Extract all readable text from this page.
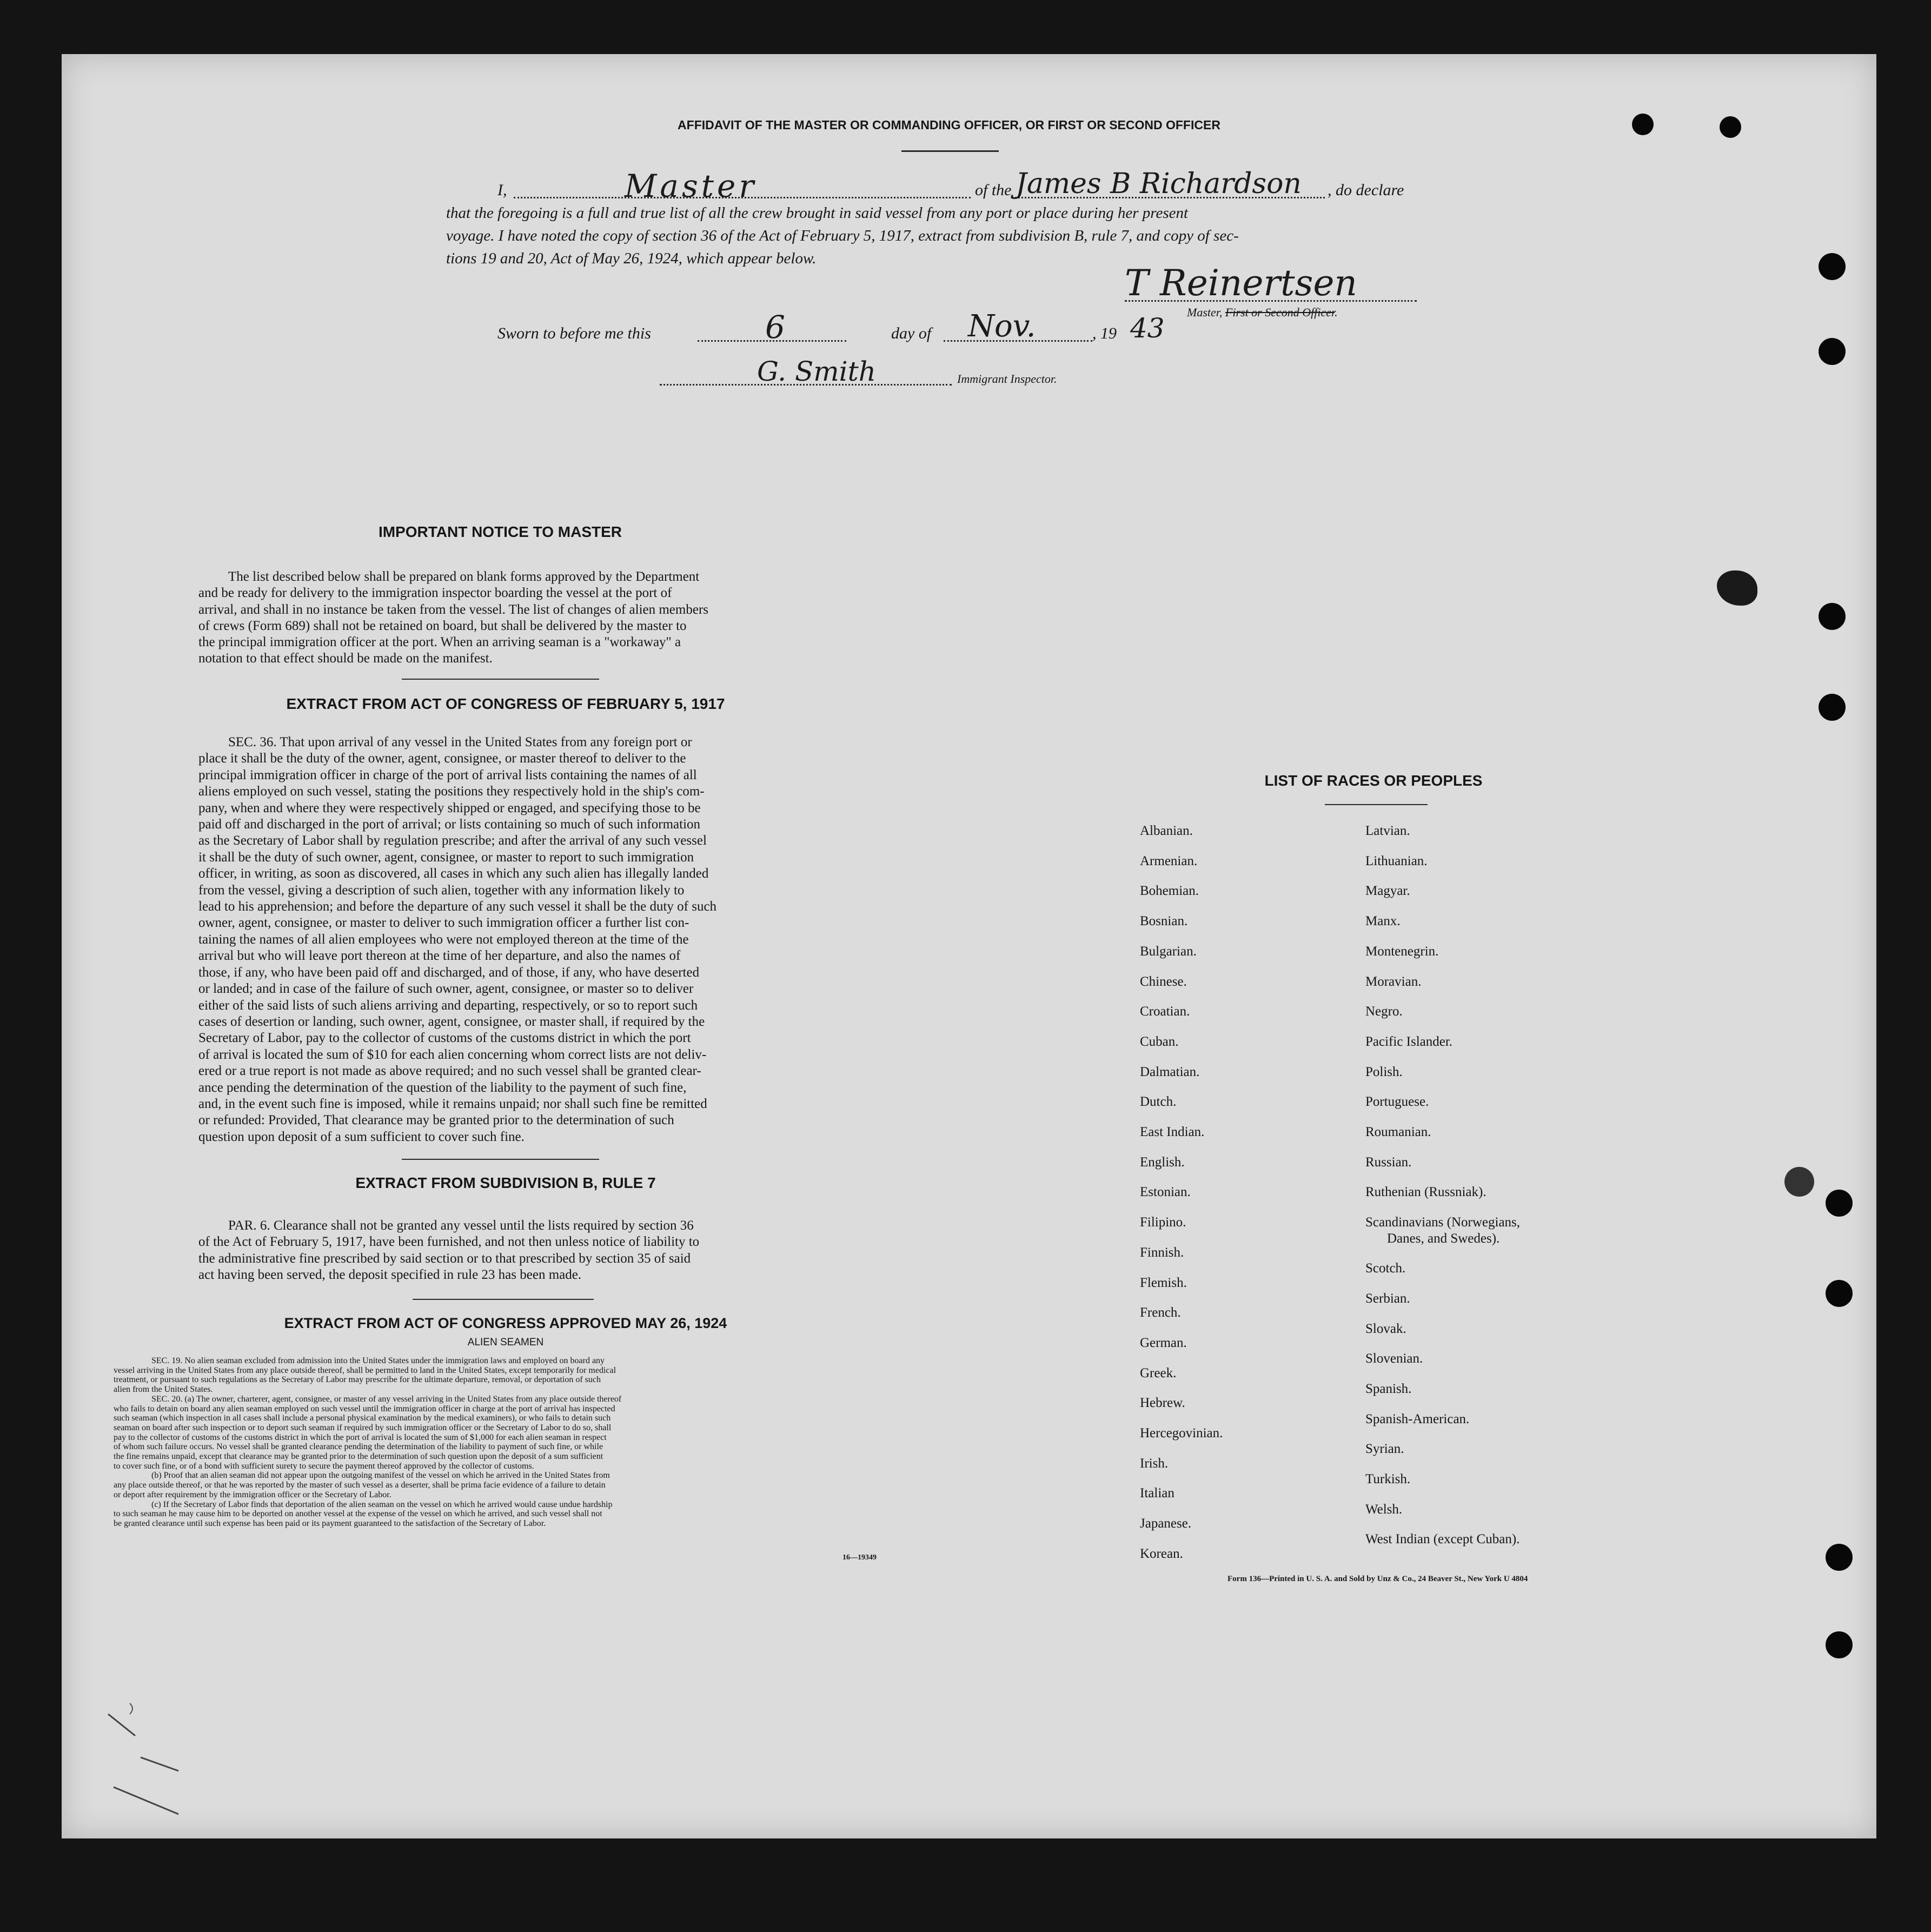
AFFIDAVIT OF THE MASTER OR COMMANDING OFFICER, OR FIRST OR SECOND OFFICER
I,	Master	of the James B Richardson , do declare
that the foregoing is a full and true list of all the crew brought in said vessel from any port or place during her present
voyage. I have noted the copy of section 36 of the Act of February 5, 1917, extract from subdivision B, rule 7, and copy of sec-
tions 19 and 20, Act of May 26, 1924, which appear below.
T Reinertsen
Master, First or Second Officer.
Sworn to before me this	6	day of Nov.	, 19 43
G. Smith	Immigrant Inspector.
IMPORTANT NOTICE TO MASTER
The list described below shall be prepared on blank forms approved by the Department
and be ready for delivery to the immigration inspector boarding the vessel at the port of
arrival, and shall in no instance be taken from the vessel. The list of changes of alien members
of crews (Form 689) shall not be retained on board, but shall be delivered by the master to
the principal immigration officer at the port. When an arriving seaman is a "workaway" a
notation to that effect should be made on the manifest.
EXTRACT FROM ACT OF CONGRESS OF FEBRUARY 5, 1917
SEC. 36. That upon arrival of any vessel in the United States from any foreign port or
place it shall be the duty of the owner, agent, consignee, or master thereof to deliver to the
principal immigration officer in charge of the port of arrival lists containing the names of all
aliens employed on such vessel, stating the positions they respectively hold in the ship's com-
pany, when and where they were respectively shipped or engaged, and specifying those to be
paid off and discharged in the port of arrival; or lists containing so much of such information
as the Secretary of Labor shall by regulation prescribe; and after the arrival of any such vessel
it shall be the duty of such owner, agent, consignee, or master to report to such immigration
officer, in writing, as soon as discovered, all cases in which any such alien has illegally landed
from the vessel, giving a description of such alien, together with any information likely to
lead to his apprehension; and before the departure of any such vessel it shall be the duty of such
owner, agent, consignee, or master to deliver to such immigration officer a further list con-
taining the names of all alien employees who were not employed thereon at the time of the
arrival but who will leave port thereon at the time of her departure, and also the names of
those, if any, who have been paid off and discharged, and of those, if any, who have deserted
or landed; and in case of the failure of such owner, agent, consignee, or master so to deliver
either of the said lists of such aliens arriving and departing, respectively, or so to report such
cases of desertion or landing, such owner, agent, consignee, or master shall, if required by the
Secretary of Labor, pay to the collector of customs of the customs district in which the port
of arrival is located the sum of $10 for each alien concerning whom correct lists are not deliv-
ered or a true report is not made as above required; and no such vessel shall be granted clear-
ance pending the determination of the question of the liability to the payment of such fine,
and, in the event such fine is imposed, while it remains unpaid; nor shall such fine be remitted
or refunded: Provided, That clearance may be granted prior to the determination of such
question upon deposit of a sum sufficient to cover such fine.
EXTRACT FROM SUBDIVISION B, RULE 7
PAR. 6. Clearance shall not be granted any vessel until the lists required by section 36
of the Act of February 5, 1917, have been furnished, and not then unless notice of liability to
the administrative fine prescribed by said section or to that prescribed by section 35 of said
act having been served, the deposit specified in rule 23 has been made.
EXTRACT FROM ACT OF CONGRESS APPROVED MAY 26, 1924
ALIEN SEAMEN
SEC. 19. No alien seaman excluded from admission into the United States under the immigration laws and employed on board any
vessel arriving in the United States from any place outside thereof, shall be permitted to land in the United States, except temporarily for medical
treatment, or pursuant to such regulations as the Secretary of Labor may prescribe for the ultimate departure, removal, or deportation of such
alien from the United States.
SEC. 20. (a) The owner, charterer, agent, consignee, or master of any vessel arriving in the United States from any place outside thereof
who fails to detain on board any alien seaman employed on such vessel until the immigration officer in charge at the port of arrival has inspected
such seaman (which inspection in all cases shall include a personal physical examination by the medical examiners), or who fails to detain such
seaman on board after such inspection or to deport such seaman if required by such immigration officer or the Secretary of Labor to do so, shall
pay to the collector of customs of the customs district in which the port of arrival is located the sum of $1,000 for each alien seaman in respect
of whom such failure occurs. No vessel shall be granted clearance pending the determination of the liability to payment of such fine, or while
the fine remains unpaid, except that clearance may be granted prior to the determination of such question upon the deposit of a sum sufficient
to cover such fine, or of a bond with sufficient surety to secure the payment thereof approved by the collector of customs.
(b) Proof that an alien seaman did not appear upon the outgoing manifest of the vessel on which he arrived in the United States from
any place outside thereof, or that he was reported by the master of such vessel as a deserter, shall be prima facie evidence of a failure to detain
or deport after requirement by the immigration officer or the Secretary of Labor.
(c) If the Secretary of Labor finds that deportation of the alien seaman on the vessel on which he arrived would cause undue hardship
to such seaman he may cause him to be deported on another vessel at the expense of the vessel on which he arrived, and such vessel shall not
be granted clearance until such expense has been paid or its payment guaranteed to the satisfaction of the Secretary of Labor.
16—19349
LIST OF RACES OR PEOPLES
Albanian.
Armenian.
Bohemian.
Bosnian.
Bulgarian.
Chinese.
Croatian.
Cuban.
Dalmatian.
Dutch.
East Indian.
English.
Estonian.
Filipino.
Finnish.
Flemish.
French.
German.
Greek.
Hebrew.
Hercegovinian.
Irish.
Italian
Japanese.
Korean.
Latvian.
Lithuanian.
Magyar.
Manx.
Montenegrin.
Moravian.
Negro.
Pacific Islander.
Polish.
Portuguese.
Roumanian.
Russian.
Ruthenian (Russniak).
Scandinavians (Norwegians,
Danes, and Swedes).
Scotch.
Serbian.
Slovak.
Slovenian.
Spanish.
Spanish-American.
Syrian.
Turkish.
Welsh.
West Indian (except Cuban).
Form 136—Printed in U. S. A. and Sold by Unz & Co., 24 Beaver St., New York U 4804
